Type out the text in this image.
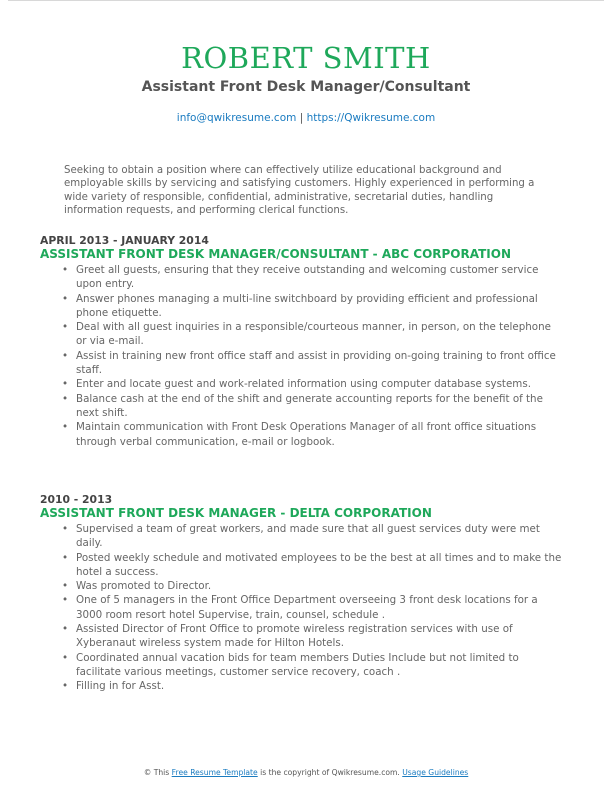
ROBERT SMITH
Assistant Front Desk Manager/Consultant
info@qwikresume.com | https://Qwikresume.com
Seeking to obtain a position where can effectively utilize educational background and employable skills by servicing and satisfying customers. Highly experienced in performing a wide variety of responsible, confidential, administrative, secretarial duties, handling information requests, and performing clerical functions.
APRIL 2013 - JANUARY 2014
ASSISTANT FRONT DESK MANAGER/CONSULTANT - ABC CORPORATION
• Greet all guests, ensuring that they receive outstanding and welcoming customer service upon entry.
• Answer phones managing a multi-line switchboard by providing efficient and professional phone etiquette.
• Deal with all guest inquiries in a responsible/courteous manner, in person, on the telephone or via e-mail.
• Assist in training new front office staff and assist in providing on-going training to front office staff.
• Enter and locate guest and work-related information using computer database systems.
• Balance cash at the end of the shift and generate accounting reports for the benefit of the next shift.
• Maintain communication with Front Desk Operations Manager of all front office situations through verbal communication, e-mail or logbook.
2010 - 2013
ASSISTANT FRONT DESK MANAGER - DELTA CORPORATION
• Supervised a team of great workers, and made sure that all guest services duty were met daily.
• Posted weekly schedule and motivated employees to be the best at all times and to make the hotel a success.
• Was promoted to Director.
• One of 5 managers in the Front Office Department overseeing 3 front desk locations for a 3000 room resort hotel Supervise, train, counsel, schedule .
• Assisted Director of Front Office to promote wireless registration services with use of Xyberanaut wireless system made for Hilton Hotels.
• Coordinated annual vacation bids for team members Duties Include but not limited to facilitate various meetings, customer service recovery, coach .
• Filling in for Asst.
© This Free Resume Template is the copyright of Qwikresume.com. Usage Guidelines
